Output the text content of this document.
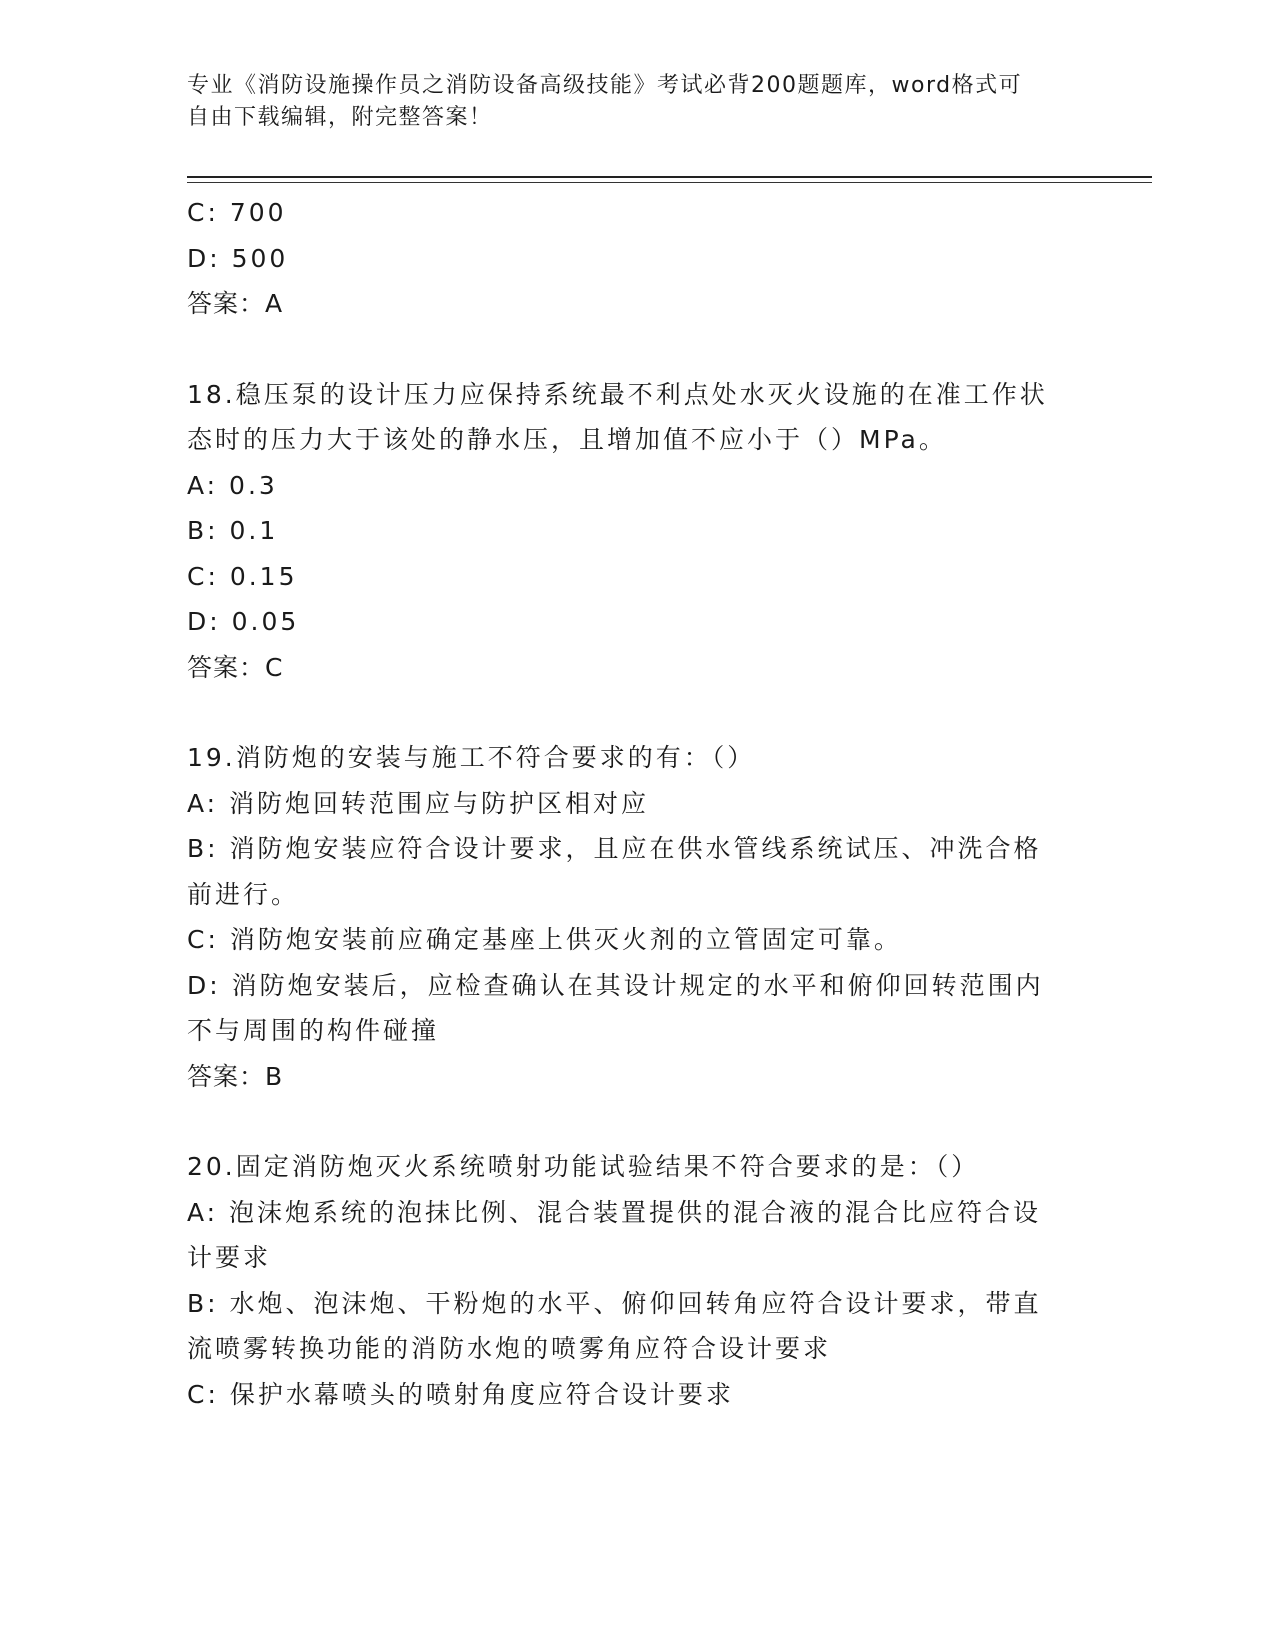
专业《消防设施操作员之消防设备高级技能》考试必背200题题库，word格式可
自由下载编辑，附完整答案！
C: 700
D: 500
答案：A
18.稳压泵的设计压力应保持系统最不利点处水灭火设施的在准工作状
态时的压力大于该处的静水压，且增加值不应小于（）MPa。
A: 0.3
B: 0.1
C: 0.15
D: 0.05
答案：C
19.消防炮的安装与施工不符合要求的有：（）
A: 消防炮回转范围应与防护区相对应
B: 消防炮安装应符合设计要求，且应在供水管线系统试压、冲洗合格
前进行。
C: 消防炮安装前应确定基座上供灭火剂的立管固定可靠。
D: 消防炮安装后，应检查确认在其设计规定的水平和俯仰回转范围内
不与周围的构件碰撞
答案：B
20.固定消防炮灭火系统喷射功能试验结果不符合要求的是：（）
A: 泡沫炮系统的泡抹比例、混合装置提供的混合液的混合比应符合设
计要求
B: 水炮、泡沫炮、干粉炮的水平、俯仰回转角应符合设计要求，带直
流喷雾转换功能的消防水炮的喷雾角应符合设计要求
C: 保护水幕喷头的喷射角度应符合设计要求
